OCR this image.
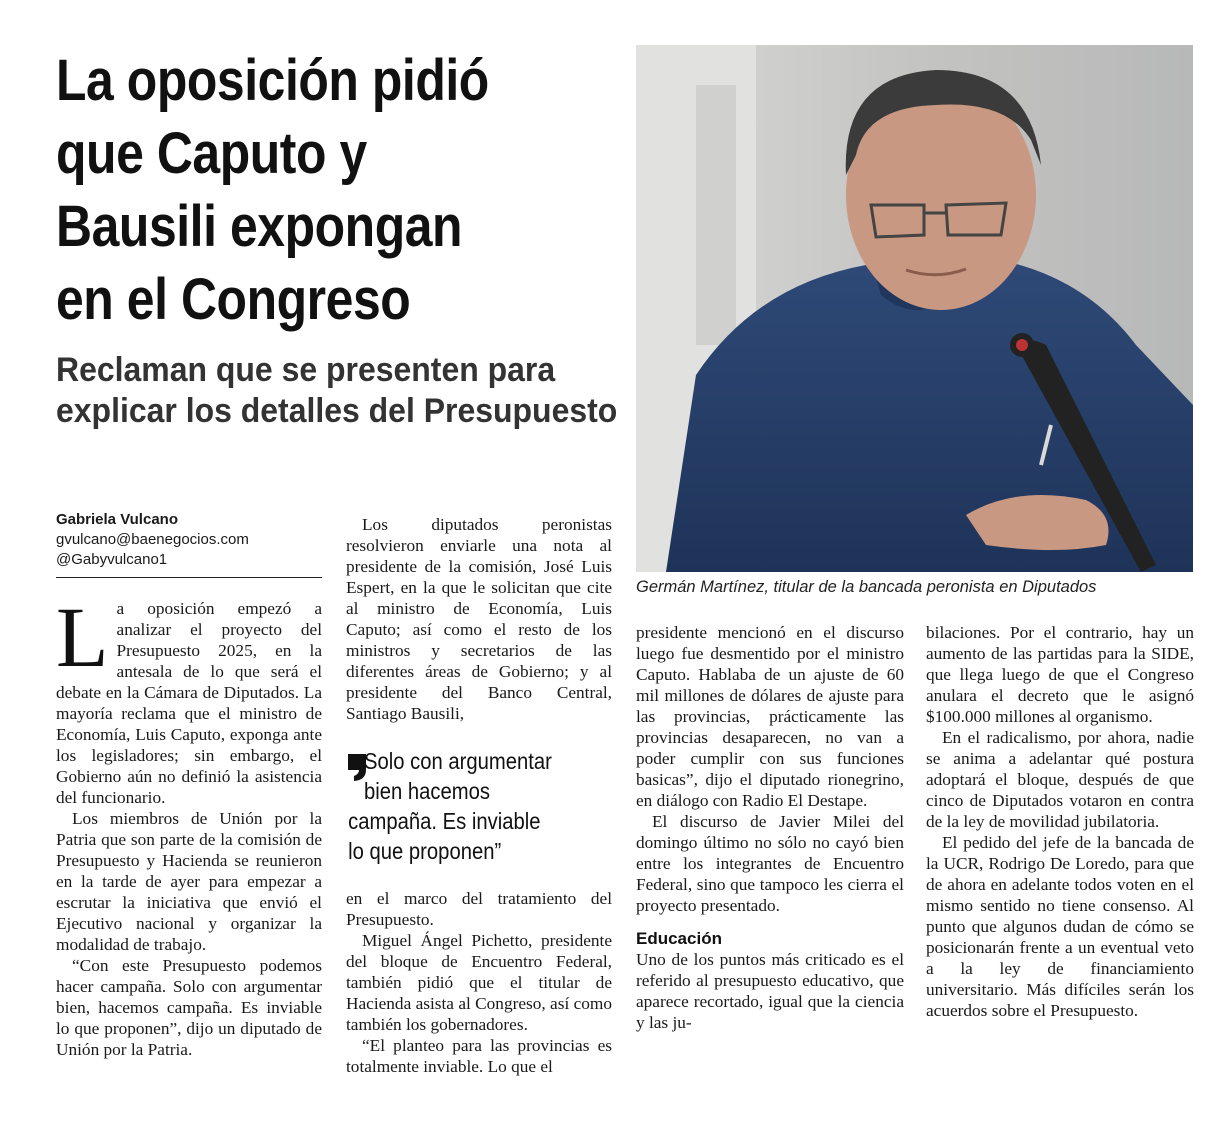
La oposición pidió
que Caputo y
Bausili expongan
en el Congreso
Reclaman que se presenten para
explicar los detalles del Presupuesto
Germán Martínez, titular de la bancada peronista en Diputados
Gabriela Vulcano
gvulcano@baenegocios.com
@Gabyvulcano1
L a oposición empezó a analizar el proyecto del Presupuesto 2025, en la antesala de lo que será el debate en la Cámara de Diputados. La mayoría reclama que el ministro de Economía, Luis Caputo, exponga ante los legisladores; sin embargo, el Gobierno aún no definió la asistencia del funcionario.

Los miembros de Unión por la Patria que son parte de la comisión de Presupuesto y Hacienda se reunieron en la tarde de ayer para empezar a escrutar la iniciativa que envió el Ejecutivo nacional y organizar la modalidad de trabajo.

“Con este Presupuesto podemos hacer campaña. Solo con argumentar bien, hacemos campaña. Es inviable lo que proponen”, dijo un diputado de Unión por la Patria.

Los diputados peronistas resolvieron enviarle una nota al presidente de la comisión, José Luis Espert, en la que le solicitan que cite al ministro de Economía, Luis Caputo; así como el resto de los ministros y secretarios de las diferentes áreas de Gobierno; y al presidente del Banco Central, Santiago Bausili,

Solo con argumentar
bien hacemos
campaña. Es inviable
lo que proponen”

en el marco del tratamiento del Presupuesto.

Miguel Ángel Pichetto, presidente del bloque de Encuentro Federal, también pidió que el titular de Hacienda asista al Congreso, así como también los gobernadores.

“El planteo para las provincias es totalmente inviable. Lo que el

presidente mencionó en el discurso luego fue desmentido por el ministro Caputo. Hablaba de un ajuste de 60 mil millones de dólares de ajuste para las provincias, prácticamente las provincias desaparecen, no van a poder cumplir con sus funciones basicas”, dijo el diputado rionegrino, en diálogo con Radio El Destape.

El discurso de Javier Milei del domingo último no sólo no cayó bien entre los integrantes de Encuentro Federal, sino que tampoco les cierra el proyecto presentado.

Educación

Uno de los puntos más criticado es el referido al presupuesto educativo, que aparece recortado, igual que la ciencia y las ju-

bilaciones. Por el contrario, hay un aumento de las partidas para la SIDE, que llega luego de que el Congreso anulara el decreto que le asignó $100.000 millones al organismo.

En el radicalismo, por ahora, nadie se anima a adelantar qué postura adoptará el bloque, después de que cinco de Diputados votaron en contra de la ley de movilidad jubilatoria.

El pedido del jefe de la bancada de la UCR, Rodrigo De Loredo, para que de ahora en adelante todos voten en el mismo sentido no tiene consenso. Al punto que algunos dudan de cómo se posicionarán frente a un eventual veto a la ley de financiamiento universitario. Más difíciles serán los acuerdos sobre el Presupuesto.
